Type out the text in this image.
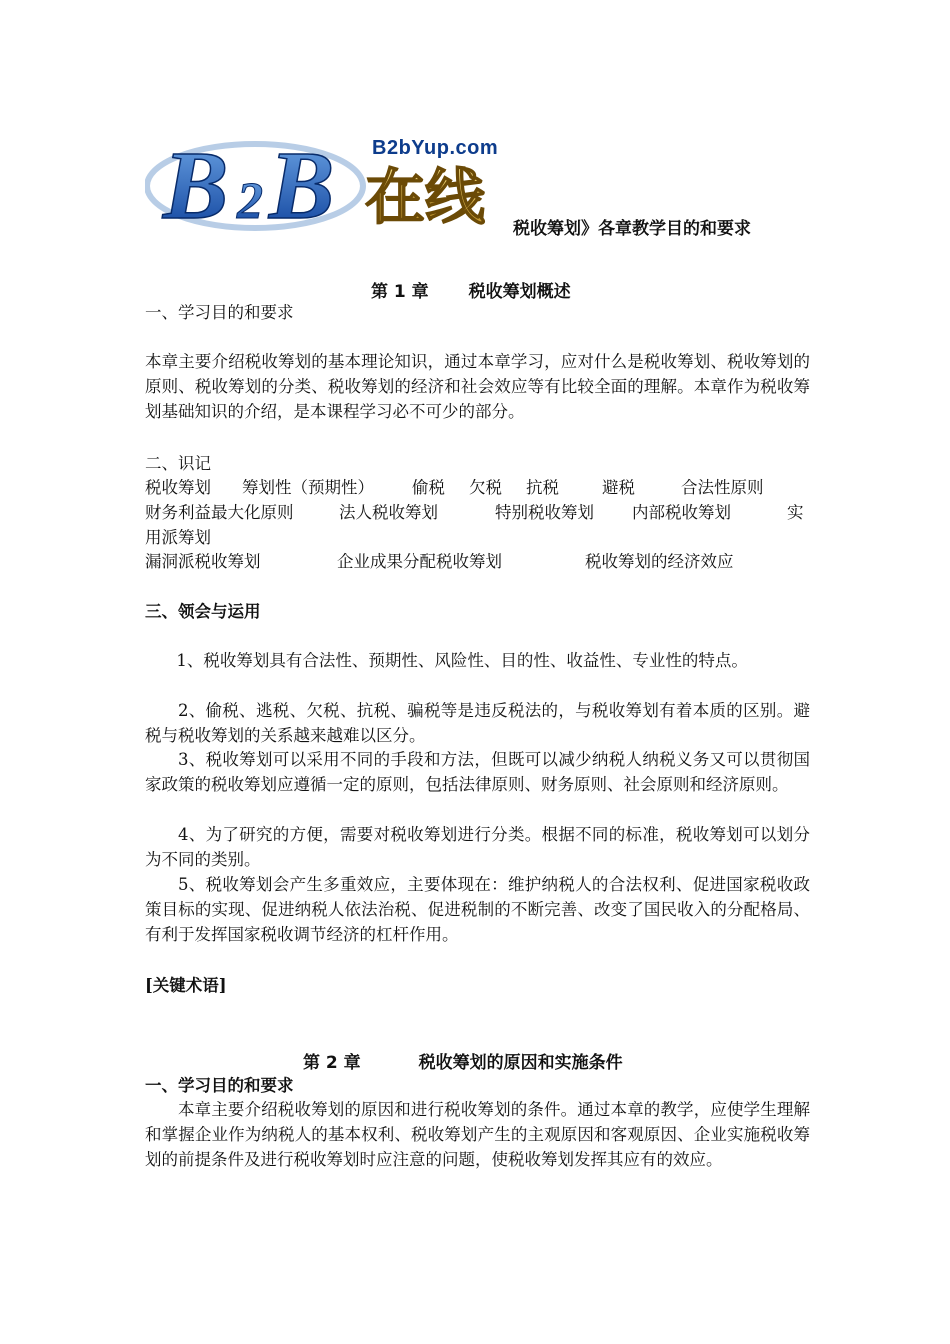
B 2 B 在线
B2bYup.com
税收筹划》各章教学目的和要求
第 1 章 税收筹划概述
一、学习目的和要求
本章主要介绍税收筹划的基本理论知识，通过本章学习，应对什么是税收筹划、税收筹划的原则、税收筹划的分类、税收筹划的经济和社会效应等有比较全面的理解。本章作为税收筹划基础知识的介绍，是本课程学习必不可少的部分。
二、识记
税收筹划 筹划性（预期性） 偷税 欠税 抗税	避税	合法性原则
财务利益最大化原则	法人税收筹划	特别税收筹划 内部税收筹划	实
用派筹划
漏洞派税收筹划	企业成果分配税收筹划	税收筹划的经济效应
三、领会与运用
1、税收筹划具有合法性、预期性、风险性、目的性、收益性、专业性的特点。
2、偷税、逃税、欠税、抗税、骗税等是违反税法的，与税收筹划有着本质的区别。避税与税收筹划的关系越来越难以区分。
3、税收筹划可以采用不同的手段和方法，但既可以减少纳税人纳税义务又可以贯彻国家政策的税收筹划应遵循一定的原则，包括法律原则、财务原则、社会原则和经济原则。
4、为了研究的方便，需要对税收筹划进行分类。根据不同的标准，税收筹划可以划分为不同的类别。
5、税收筹划会产生多重效应，主要体现在：维护纳税人的合法权利、促进国家税收政策目标的实现、促进纳税人依法治税、促进税制的不断完善、改变了国民收入的分配格局、有利于发挥国家税收调节经济的杠杆作用。
[关键术语]
第 2 章	税收筹划的原因和实施条件
一、学习目的和要求
本章主要介绍税收筹划的原因和进行税收筹划的条件。通过本章的教学，应使学生理解和掌握企业作为纳税人的基本权利、税收筹划产生的主观原因和客观原因、企业实施税收筹划的前提条件及进行税收筹划时应注意的问题，使税收筹划发挥其应有的效应。
